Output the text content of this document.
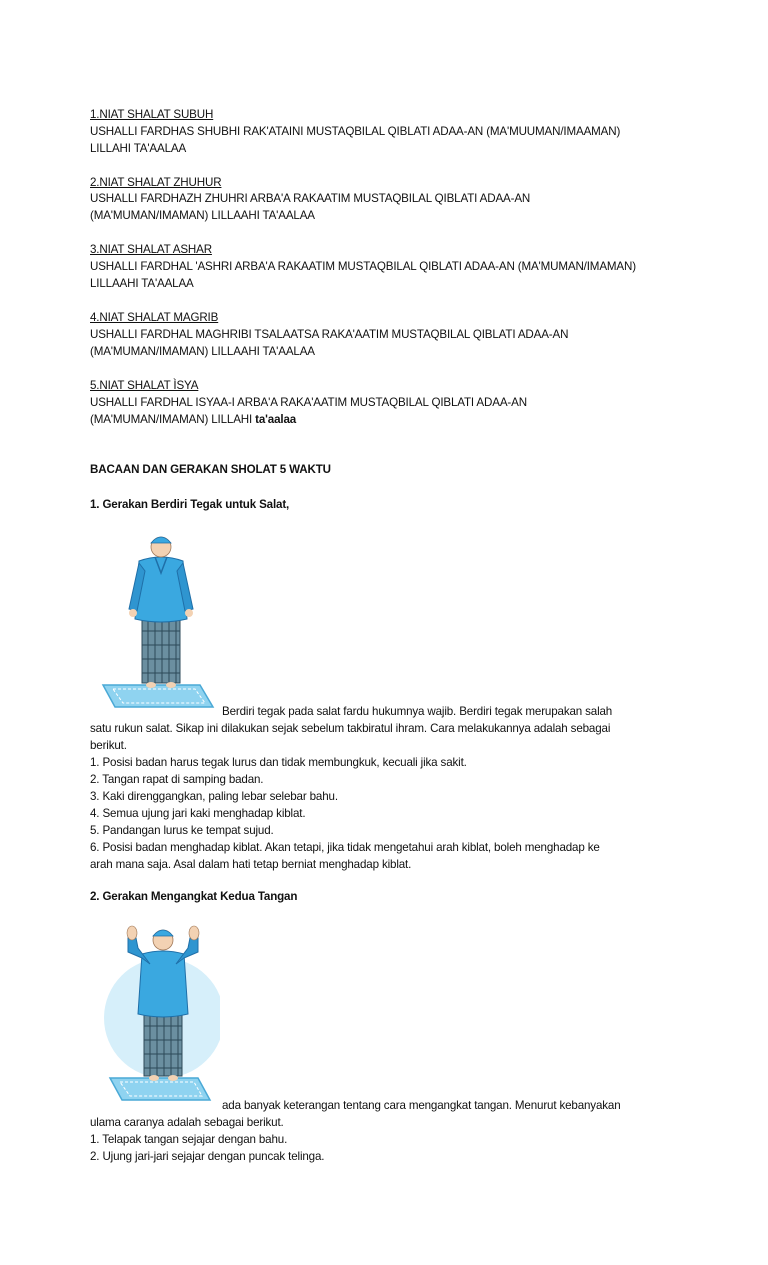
1.NIAT SHALAT SUBUH
USHALLI FARDHAS SHUBHI RAK'ATAINI MUSTAQBILAL QIBLATI ADAA-AN (MA'MUUMAN/IMAAMAN)
LILLAHI TA'AALAA
2.NIAT SHALAT ZHUHUR
USHALLI FARDHAZH ZHUHRI ARBA'A RAKAATIM MUSTAQBILAL QIBLATI ADAA-AN
(MA'MUMAN/IMAMAN) LILLAAHI TA'AALAA
3.NIAT SHALAT ASHAR
USHALLI FARDHAL 'ASHRI ARBA'A RAKAATIM MUSTAQBILAL QIBLATI ADAA-AN (MA'MUMAN/IMAMAN)
LILLAAHI TA'AALAA
4.NIAT SHALAT MAGRIB
USHALLI FARDHAL MAGHRIBI TSALAATSA RAKA'AATIM MUSTAQBILAL QIBLATI ADAA-AN
(MA'MUMAN/IMAMAN) LILLAAHI TA'AALAA
5.NIAT SHALAT ÌSYA
USHALLI FARDHAL ISYAA-I ARBA'A RAKA'AATIM MUSTAQBILAL QIBLATI ADAA-AN
(MA'MUMAN/IMAMAN) LILLAHI ta'aalaa
BACAAN DAN GERAKAN SHOLAT 5 WAKTU
1. Gerakan Berdiri Tegak untuk Salat,
Berdiri tegak pada salat fardu hukumnya wajib. Berdiri tegak merupakan salah
satu rukun salat. Sikap ini dilakukan sejak sebelum takbiratul ihram. Cara melakukannya adalah sebagai
berikut.
1. Posisi badan harus tegak lurus dan tidak membungkuk, kecuali jika sakit.
2. Tangan rapat di samping badan.
3. Kaki direnggangkan, paling lebar selebar bahu.
4. Semua ujung jari kaki menghadap kiblat.
5. Pandangan lurus ke tempat sujud.
6. Posisi badan menghadap kiblat. Akan tetapi, jika tidak mengetahui arah kiblat, boleh menghadap ke
arah mana saja. Asal dalam hati tetap berniat menghadap kiblat.
2. Gerakan Mengangkat Kedua Tangan
ada banyak keterangan tentang cara mengangkat tangan. Menurut kebanyakan
ulama caranya adalah sebagai berikut.
1. Telapak tangan sejajar dengan bahu.
2. Ujung jari-jari sejajar dengan puncak telinga.
